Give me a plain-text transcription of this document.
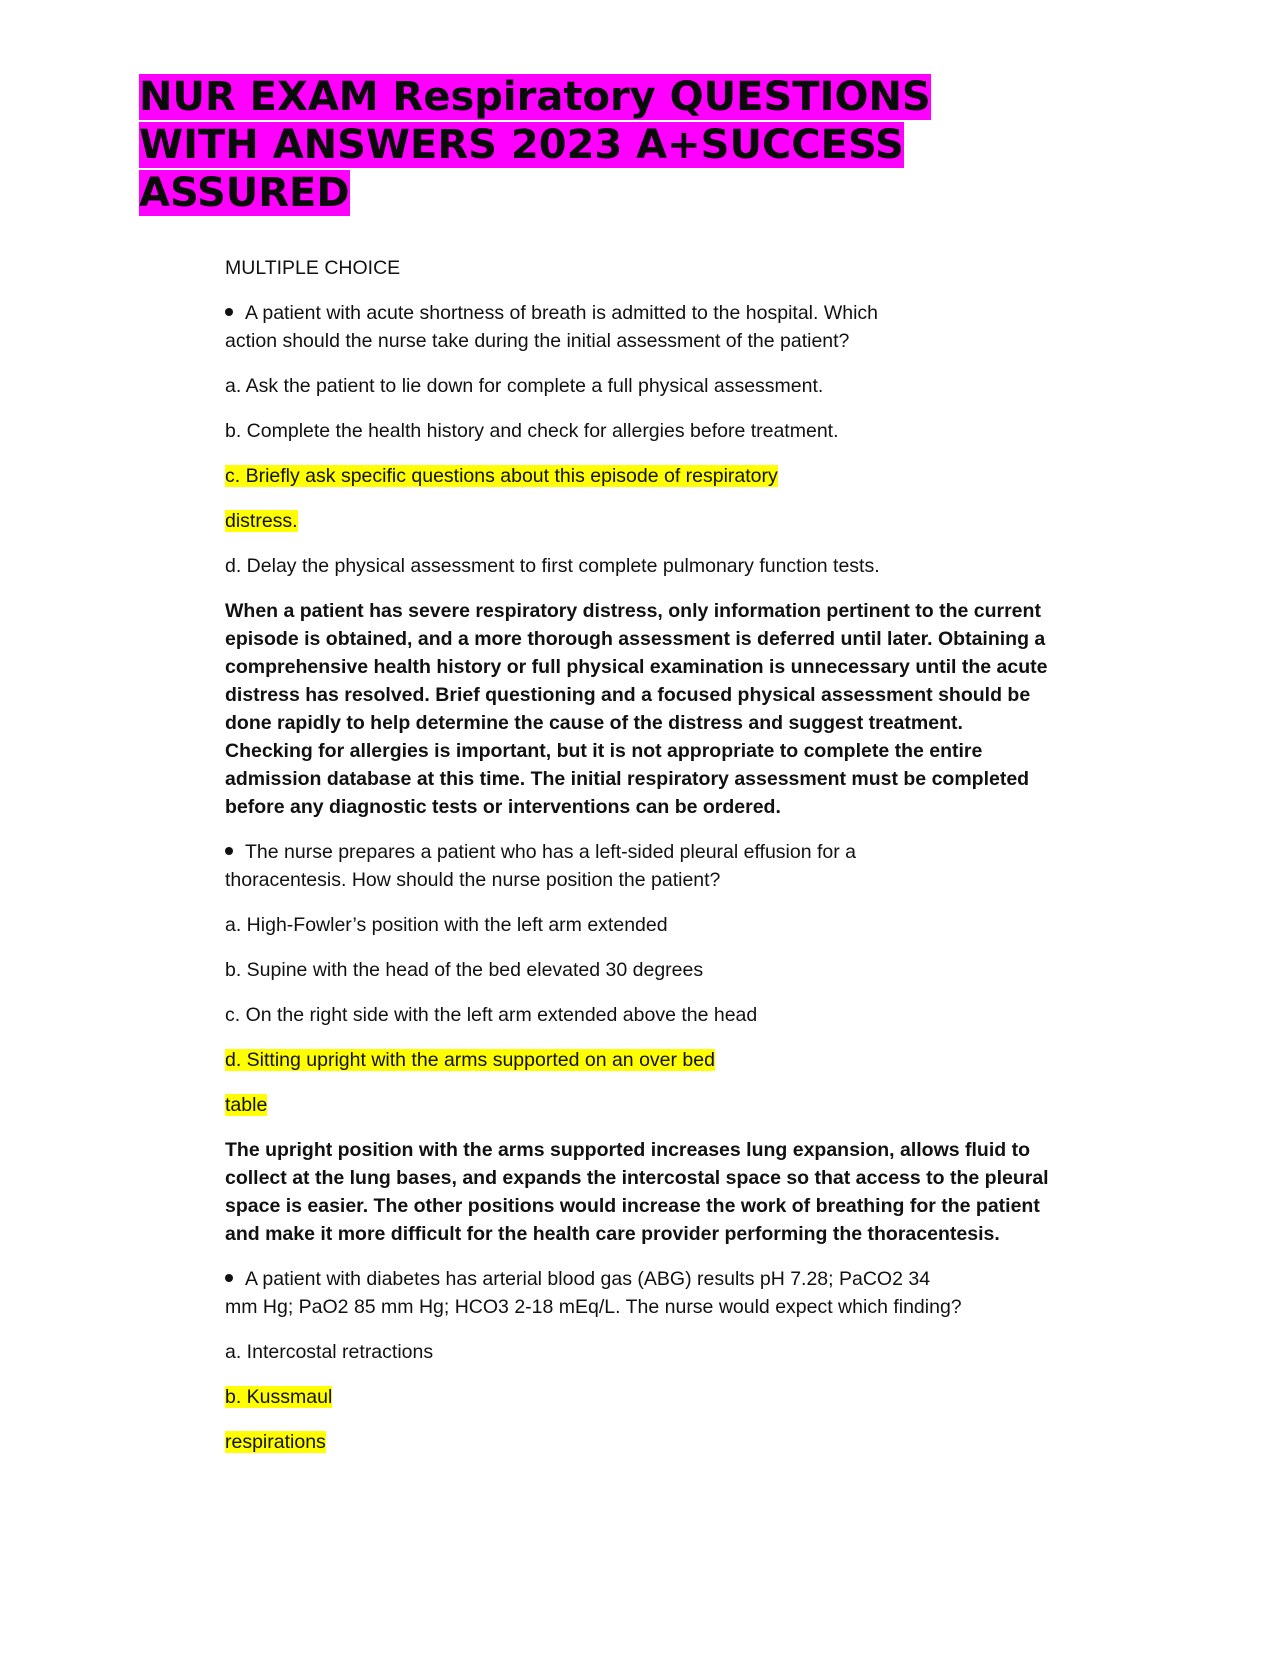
NUR EXAM Respiratory QUESTIONS WITH ANSWERS 2023 A+SUCCESS ASSURED

MULTIPLE CHOICE

A patient with acute shortness of breath is admitted to the hospital. Which
action should the nurse take during the initial assessment of the patient?

a. Ask the patient to lie down for complete a full physical assessment.

b. Complete the health history and check for allergies before treatment.

c. Briefly ask specific questions about this episode of respiratory

distress.

d. Delay the physical assessment to first complete pulmonary function tests.

When a patient has severe respiratory distress, only information pertinent to the current episode is obtained, and a more thorough assessment is deferred until later. Obtaining a comprehensive health history or full physical examination is unnecessary until the acute distress has resolved. Brief questioning and a focused physical assessment should be done rapidly to help determine the cause of the distress and suggest treatment. Checking for allergies is important, but it is not appropriate to complete the entire admission database at this time. The initial respiratory assessment must be completed before any diagnostic tests or interventions can be ordered.

The nurse prepares a patient who has a left-sided pleural effusion for a
thoracentesis. How should the nurse position the patient?

a. High-Fowler’s position with the left arm extended

b. Supine with the head of the bed elevated 30 degrees

c. On the right side with the left arm extended above the head

d. Sitting upright with the arms supported on an over bed

table

The upright position with the arms supported increases lung expansion, allows fluid to collect at the lung bases, and expands the intercostal space so that access to the pleural space is easier. The other positions would increase the work of breathing for the patient and make it more difficult for the health care provider performing the thoracentesis.

A patient with diabetes has arterial blood gas (ABG) results pH 7.28; PaCO2 34
mm Hg; PaO2 85 mm Hg; HCO3 2-18 mEq/L. The nurse would expect which finding?

a. Intercostal retractions

b. Kussmaul

respirations
